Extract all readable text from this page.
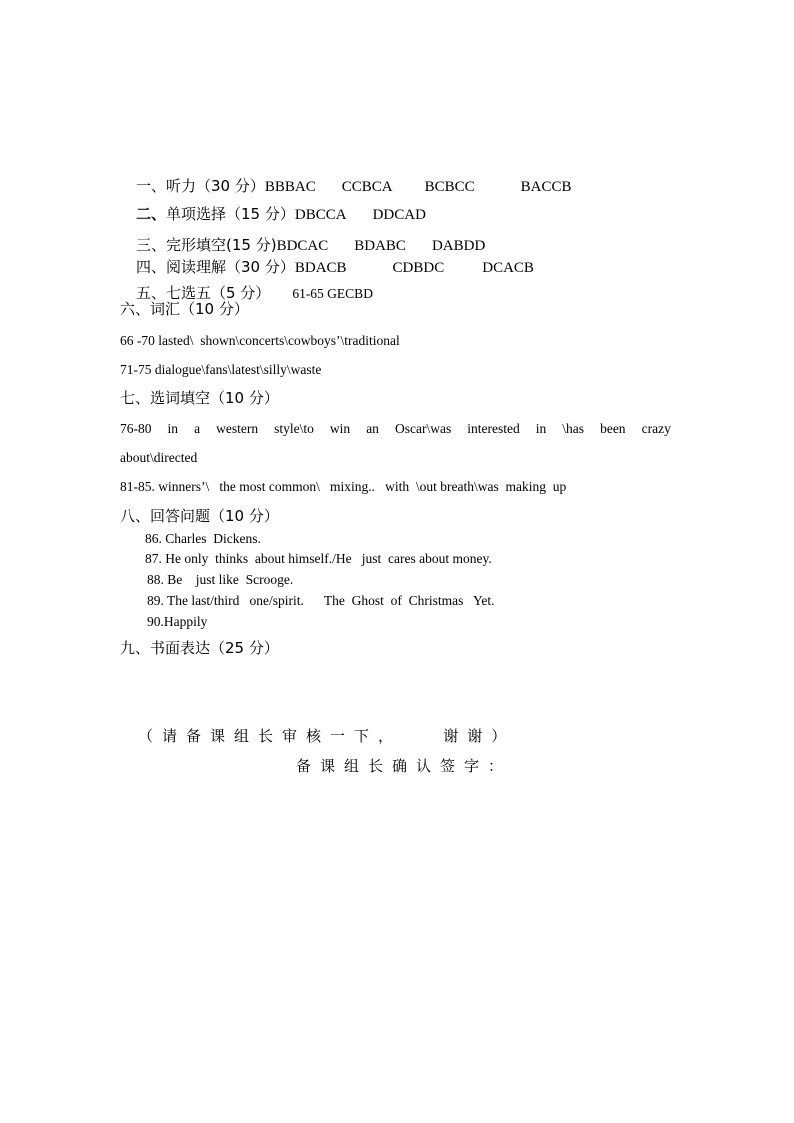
一、听力（30 分）BBBAC CCBCA BCBCC	BACCB

二、单项选择（15 分）DBCCA DDCAD

三、完形填空(15 分)BDCAC BDABC DABDD

四、阅读理解（30 分）BDACB	CDBDC	DCACB

五、七选五（5 分） 61-65 GECBD

六、词汇（10 分）
66 -70 lasted\  shown\concerts\cowboys’\traditional
71-75 dialogue\fans\latest\silly\waste
七、选词填空（10 分）
76-80 in a western style\to win an Oscar\was interested in \has been crazy
about\directed
81-85. winners’\   the most common\   mixing..   with  \out breath\was  making  up
八、回答问题（10 分）
86. Charles  Dickens.
87. He only  thinks  about himself./He   just  cares about money.
88. Be    just like  Scrooge.
89. The last/third   one/spirit.      The  Ghost  of  Christmas   Yet.
90.Happily
九、书面表达（25 分）
（请备课组长审核一下，   谢谢）
备课组长确认签字：
